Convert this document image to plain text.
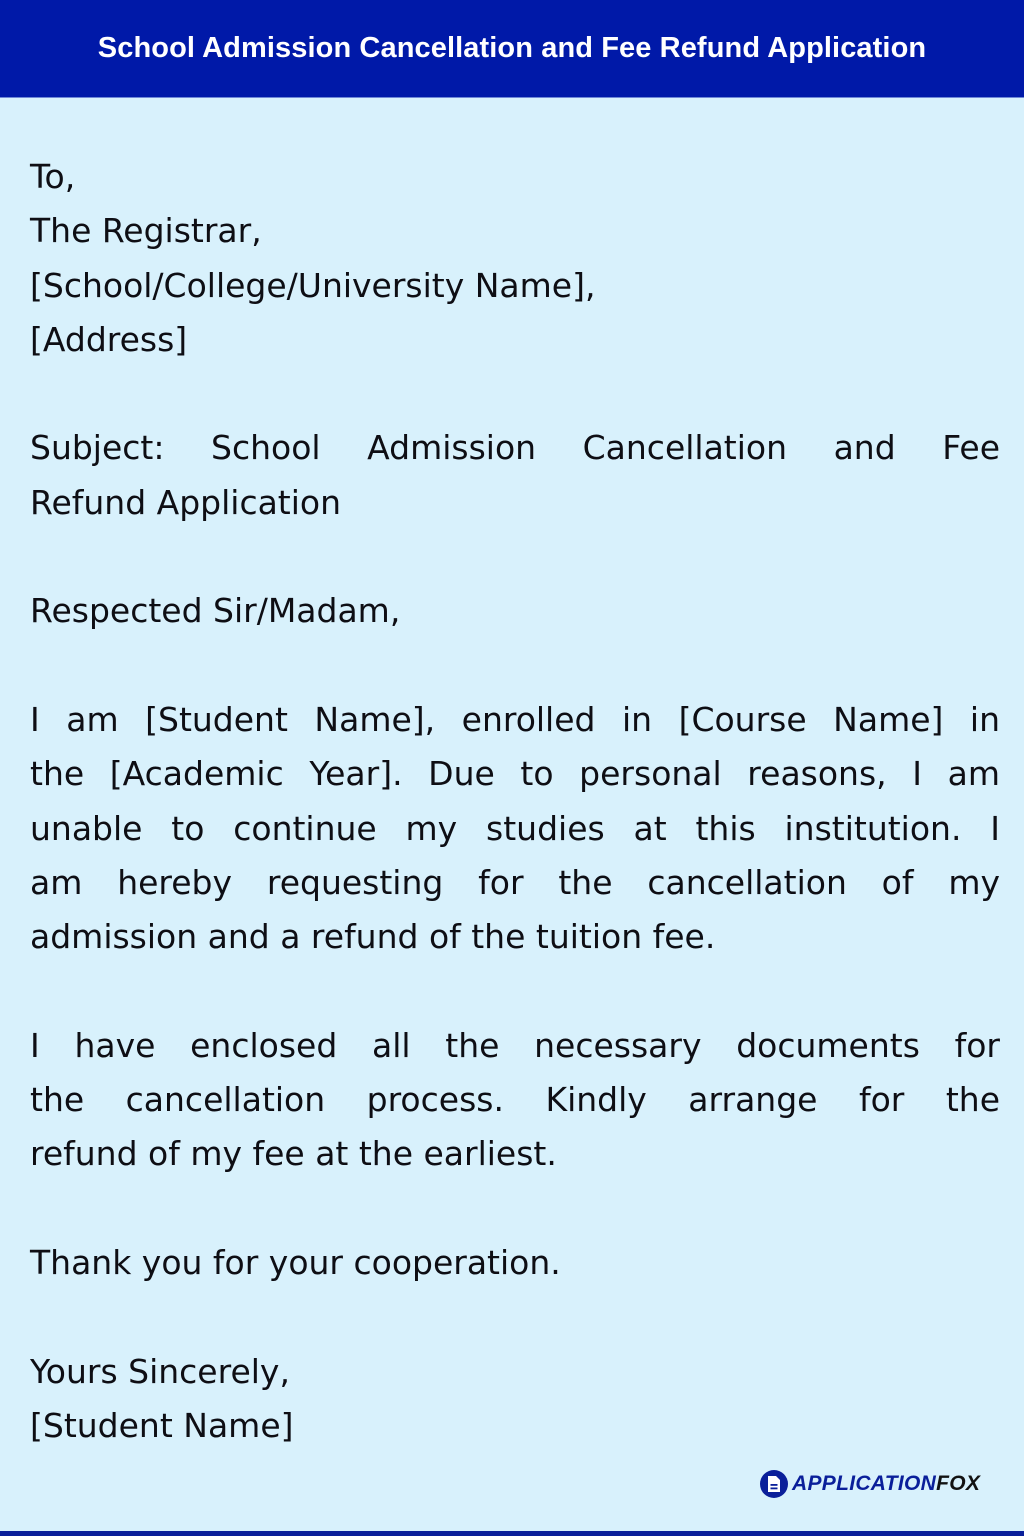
School Admission Cancellation and Fee Refund Application
To,
The Registrar,
[School/College/University Name],
[Address]
Subject: School Admission Cancellation and Fee
Refund Application
Respected Sir/Madam,
I am [Student Name], enrolled in [Course Name] in
the [Academic Year]. Due to personal reasons, I am
unable to continue my studies at this institution. I
am hereby requesting for the cancellation of my
admission and a refund of the tuition fee.
I have enclosed all the necessary documents for
the cancellation process. Kindly arrange for the
refund of my fee at the earliest.
Thank you for your cooperation.
Yours Sincerely,
[Student Name]
APPLICATIONFOX
